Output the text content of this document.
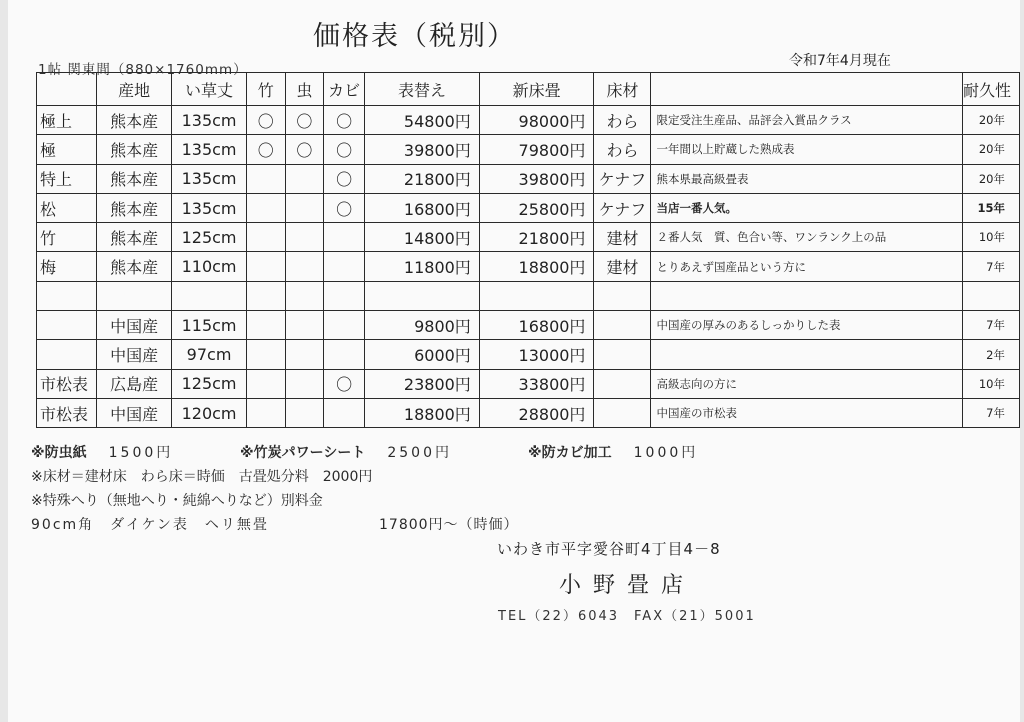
価格表（税別）
1帖 関東間（880×1760mm）
令和7年4月現在
	産地	い草丈	竹	虫	カビ	表替え	新床畳	床材		耐久性
極上	熊本産	135cm	〇	〇	〇	54800円	98000円	わら	限定受注生産品、品評会入賞品クラス	20年
極	熊本産	135cm	〇	〇	〇	39800円	79800円	わら	一年間以上貯蔵した熟成表	20年
特上	熊本産	135cm			〇	21800円	39800円	ケナフ	熊本県最高級畳表	20年
松	熊本産	135cm			〇	16800円	25800円	ケナフ	当店一番人気。	15年
竹	熊本産	125cm				14800円	21800円	建材	２番人気　質、色合い等、ワンランク上の品	10年
梅	熊本産	110cm				11800円	18800円	建材	とりあえず国産品という方に	7年

	中国産	115cm				9800円	16800円		中国産の厚みのあるしっかりした表	7年
	中国産	97cm				6000円	13000円			2年
市松表	広島産	125cm			〇	23800円	33800円		高級志向の方に	10年
市松表	中国産	120cm				18800円	28800円		中国産の市松表	7年
※防虫紙 1500円	※竹炭パワーシート 2500円	※防カビ加工 1000円
※床材＝建材床　わら床＝時価　古畳処分料　2000円
※特殊へり（無地へり・純綿へりなど）別料金
90cm角　ダイケン表　ヘリ無畳	17800円～（時価）
いわき市平字愛谷町4丁目4－8
小野畳店
TEL（22）6043　FAX（21）5001
